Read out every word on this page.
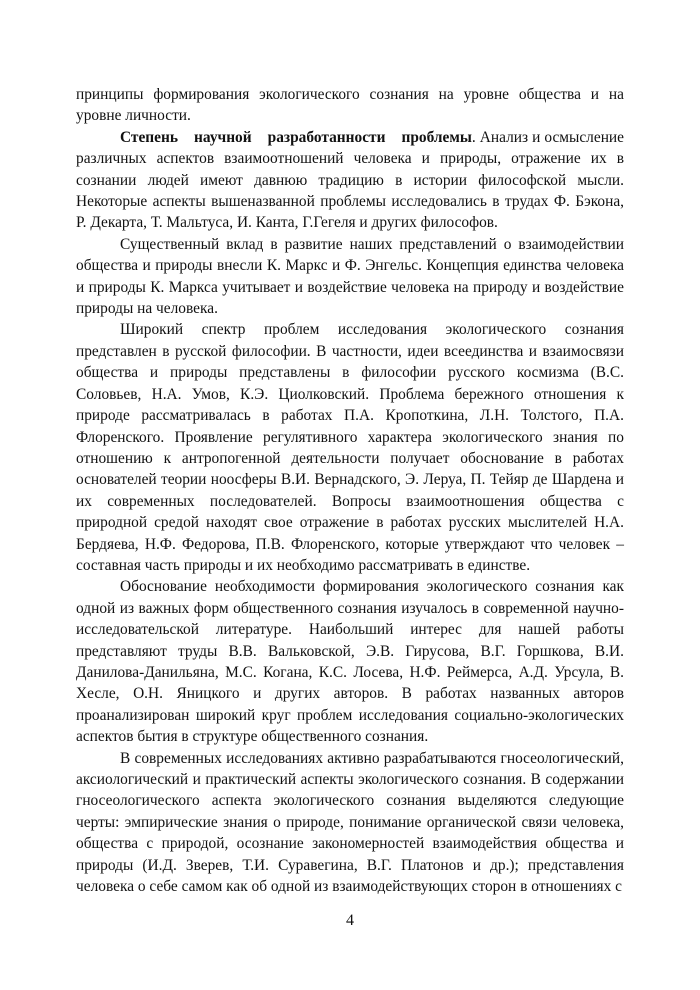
принципы формирования экологического сознания на уровне общества и на уровне личности.

Степень научной разработанности проблемы. Анализ и осмысление различных аспектов взаимоотношений человека и природы, отражение их в сознании людей имеют давнюю традицию в истории философской мысли. Некоторые аспекты вышеназванной проблемы исследовались в трудах Ф. Бэкона, Р. Декарта, Т. Мальтуса, И. Канта, Г.Гегеля и других философов.

Существенный вклад в развитие наших представлений о взаимодействии общества и природы внесли К. Маркс и Ф. Энгельс. Концепция единства человека и природы К. Маркса учитывает и воздействие человека на природу и воздействие природы на человека.

Широкий спектр проблем исследования экологического сознания представлен в русской философии. В частности, идеи всеединства и взаимосвязи общества и природы представлены в философии русского космизма (В.С. Соловьев, Н.А. Умов, К.Э. Циолковский. Проблема бережного отношения к природе рассматривалась в работах П.А. Кропоткина, Л.Н. Толстого, П.А. Флоренского. Проявление регулятивного характера экологического знания по отношению к антропогенной деятельности получает обоснование в работах основателей теории ноосферы В.И. Вернадского, Э. Леруа, П. Тейяр де Шардена и их современных последователей. Вопросы взаимоотношения общества с природной средой находят свое отражение в работах русских мыслителей Н.А. Бердяева, Н.Ф. Федорова, П.В. Флоренского, которые утверждают что человек – составная часть природы и их необходимо рассматривать в единстве.

Обоснование необходимости формирования экологического сознания как одной из важных форм общественного сознания изучалось в современной научно-исследовательской литературе. Наибольший интерес для нашей работы представляют труды В.В. Вальковской, Э.В. Гирусова, В.Г. Горшкова, В.И. Данилова-Данильяна, М.С. Когана, К.С. Лосева, Н.Ф. Реймерса, А.Д. Урсула, В. Хесле, О.Н. Яницкого и других авторов. В работах названных авторов проанализирован широкий круг проблем исследования социально-экологических аспектов бытия в структуре общественного сознания.

В современных исследованиях активно разрабатываются гносеологический, аксиологический и практический аспекты экологического сознания. В содержании гносеологического аспекта экологического сознания выделяются следующие черты: эмпирические знания о природе, понимание органической связи человека, общества с природой, осознание закономерностей взаимодействия общества и природы (И.Д. Зверев, Т.И. Суравегина, В.Г. Платонов и др.); представления человека о себе самом как об одной из взаимодействующих сторон в отношениях с

4
